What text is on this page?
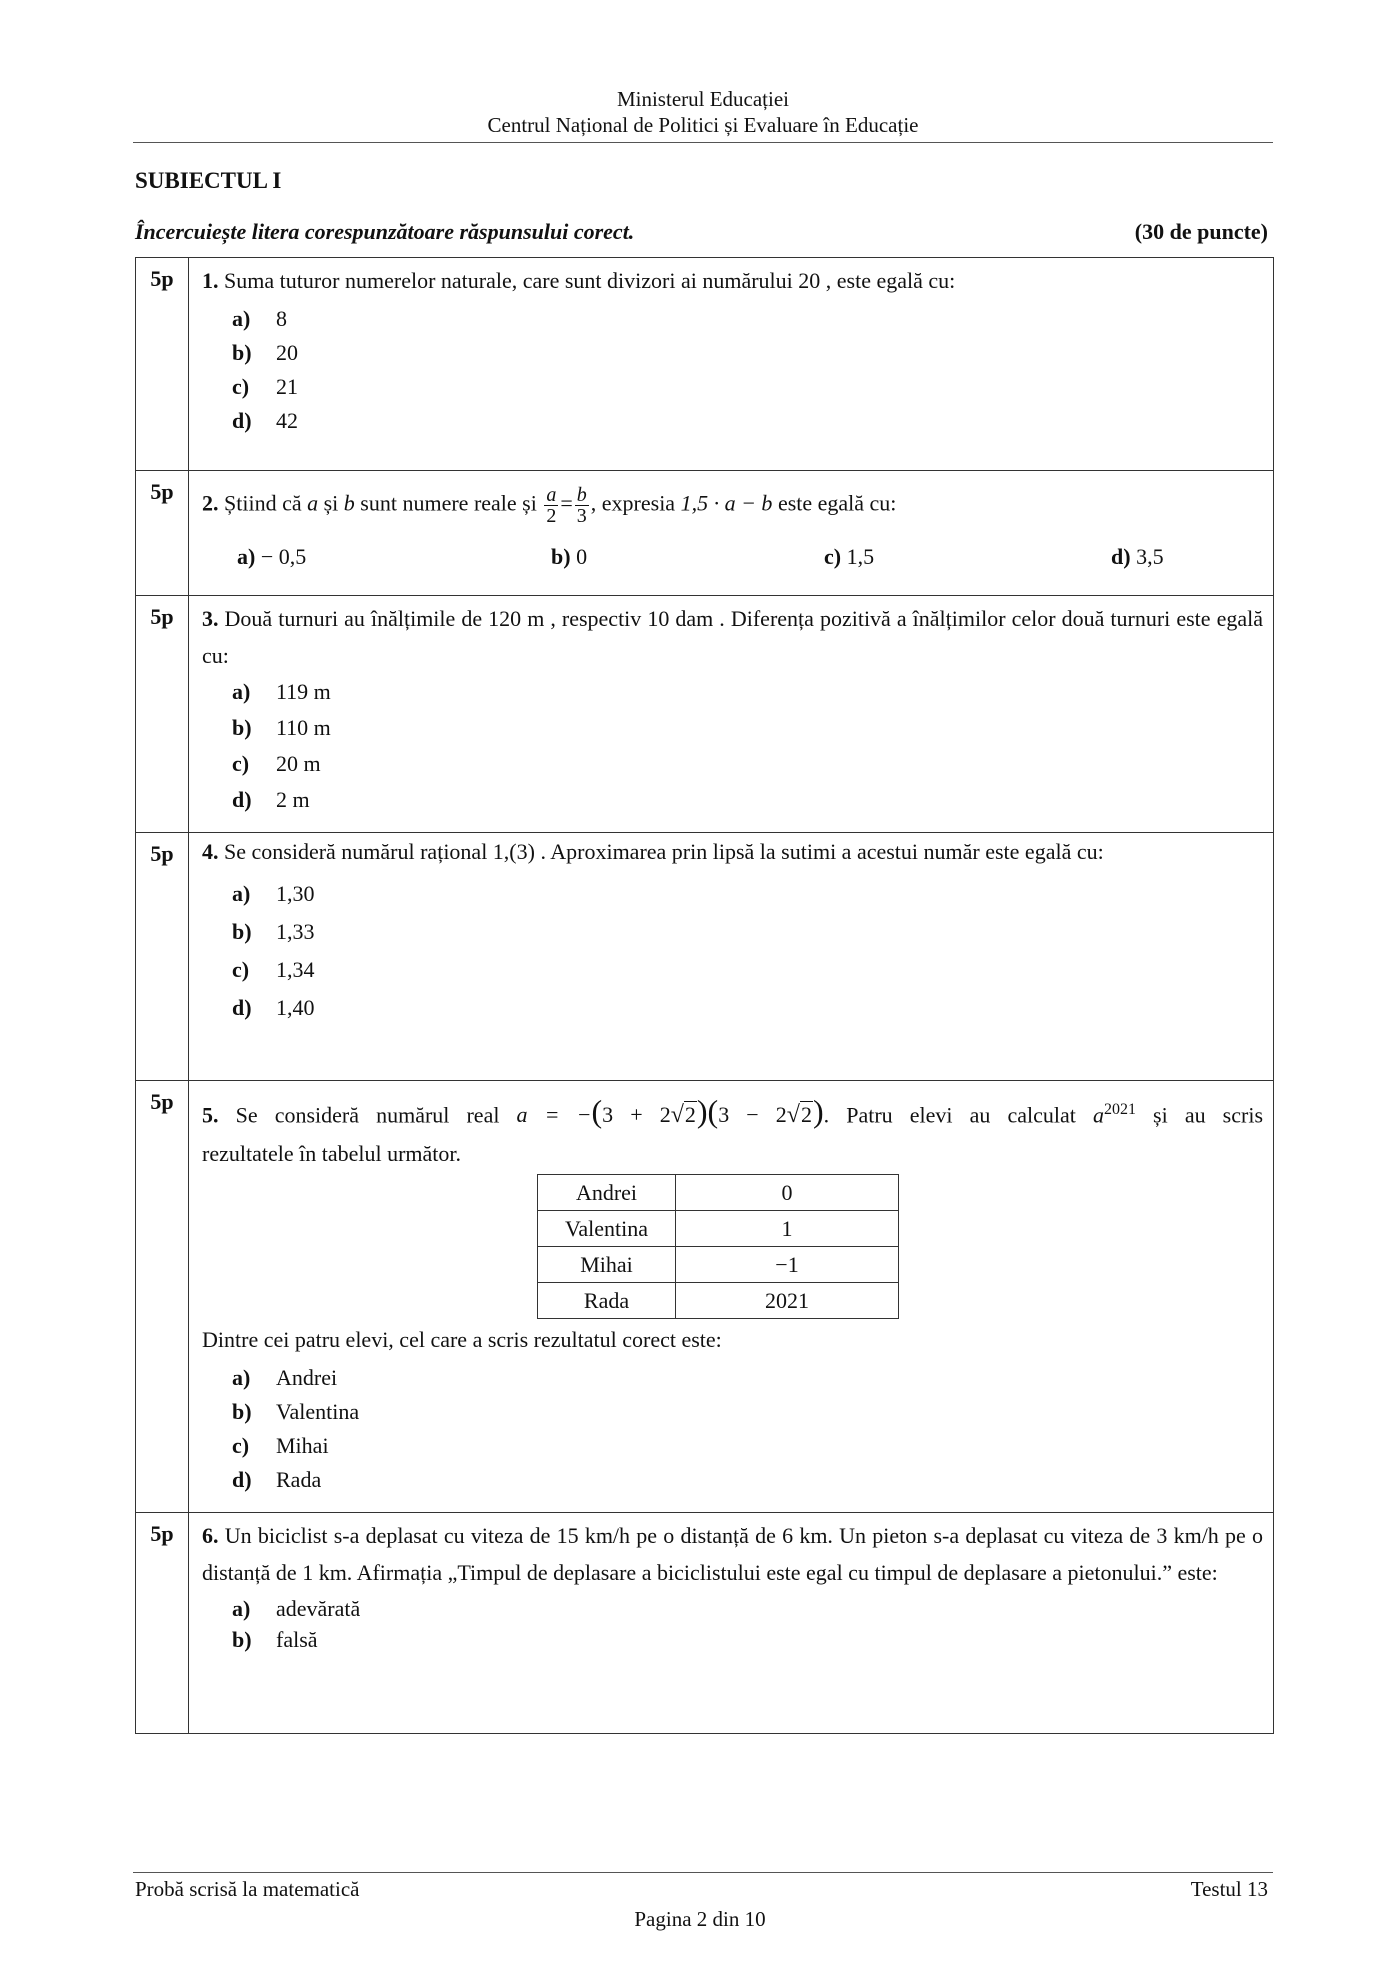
Ministerul Educației
Centrul Național de Politici și Evaluare în Educație
SUBIECTUL I
Încercuiește litera corespunzătoare răspunsului corect.	(30 de puncte)
5p	1. Suma tuturor numerelor naturale, care sunt divizori ai numărului 20 , este egală cu:
a) 8
b) 20
c) 21
d) 42

5p	2. Știind că a și b sunt numere reale și $\frac{a}{2} = \frac{b}{3}$ , expresia 1,5 · a − b este egală cu:
a) − 0,5	b) 0	c) 1,5	d) 3,5

5p	3. Două turnuri au înălțimile de 120 m , respectiv 10 dam . Diferența pozitivă a înălțimilor celor două turnuri este egală cu:
a) 119 m
b) 110 m
c) 20 m
d) 2 m

5p	4. Se consideră numărul rațional 1,(3) . Aproximarea prin lipsă la sutimi a acestui număr este egală cu:
a) 1,30
b) 1,33
c) 1,34
d) 1,40

5p	
5. Se consideră numărul real a = −(3 + 2√2)(3 − 2√2). Patru elevi au calculat $a^{2021}$ și au scris
rezultatele în tabelul următor.
Andrei	0
Valentina	1
Mihai	−1
Rada	2021
Dintre cei patru elevi, cel care a scris rezultatul corect este:
a) Andrei
b) Valentina
c) Mihai
d) Rada

5p	6. Un biciclist s-a deplasat cu viteza de 15 km/h pe o distanță de 6 km. Un pieton s-a deplasat cu viteza de 3 km/h pe o distanță de 1 km. Afirmația „Timpul de deplasare a biciclistului este egal cu timpul de deplasare a pietonului.” este:
a) adevărată
b) falsă
Probă scrisă la matematică	Testul 13
Pagina 2 din 10
